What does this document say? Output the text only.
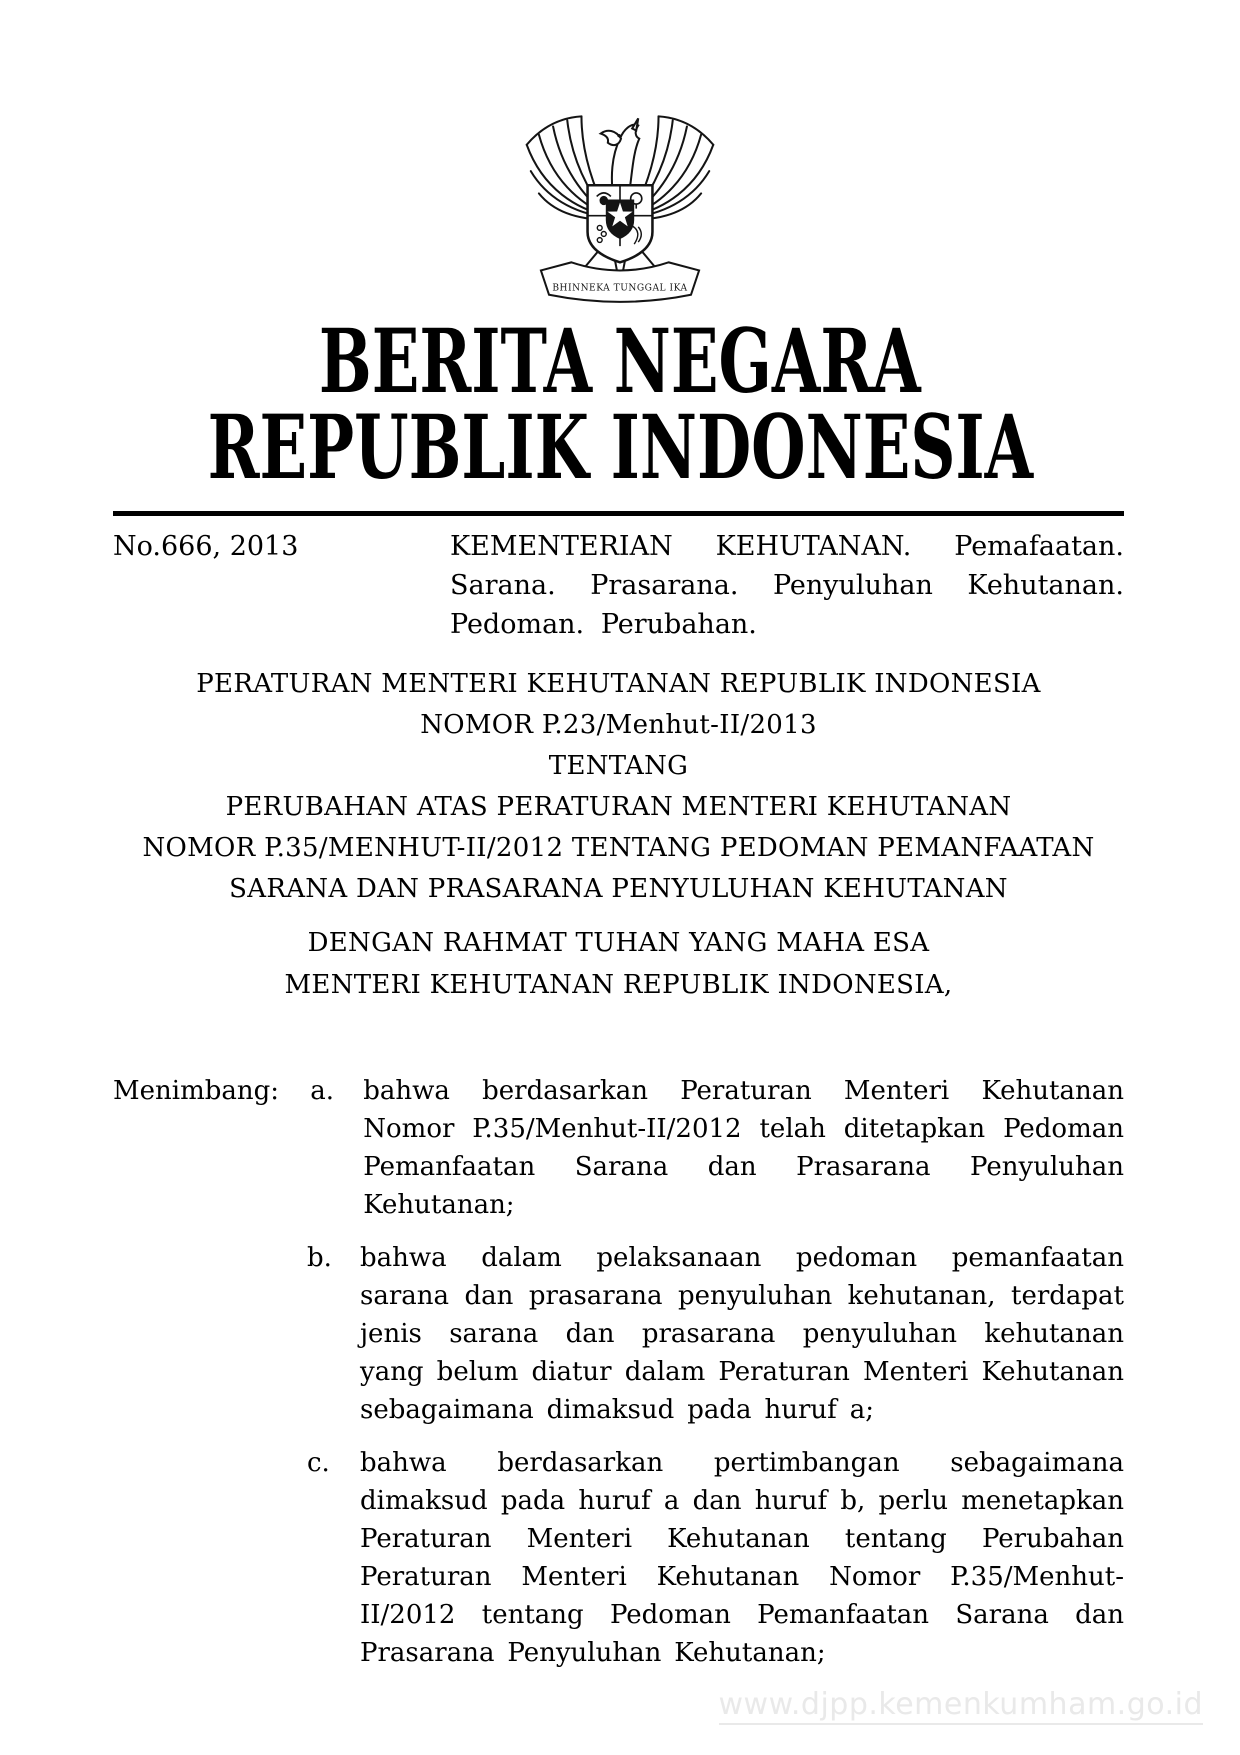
BHINNEKA TUNGGAL IKA
BERITA NEGARA
REPUBLIK INDONESIA
No.666, 2013	KEMENTERIAN KEHUTANAN. Pemafaatan. Sarana. Prasarana. Penyuluhan Kehutanan. Pedoman. Perubahan.
PERATURAN MENTERI KEHUTANAN REPUBLIK INDONESIA
NOMOR P.23/Menhut-II/2013
TENTANG
PERUBAHAN ATAS PERATURAN MENTERI KEHUTANAN
NOMOR P.35/MENHUT-II/2012 TENTANG PEDOMAN PEMANFAATAN
SARANA DAN PRASARANA PENYULUHAN KEHUTANAN
DENGAN RAHMAT TUHAN YANG MAHA ESA
MENTERI KEHUTANAN REPUBLIK INDONESIA,
Menimbang :	a.	bahwa berdasarkan Peraturan Menteri Kehutanan Nomor P.35/Menhut-II/2012 telah ditetapkan Pedoman Pemanfaatan Sarana dan Prasarana Penyuluhan Kehutanan;
b.	bahwa dalam pelaksanaan pedoman pemanfaatan sarana dan prasarana penyuluhan kehutanan, terdapat jenis sarana dan prasarana penyuluhan kehutanan yang belum diatur dalam Peraturan Menteri Kehutanan sebagaimana dimaksud pada huruf a;
c.	bahwa berdasarkan pertimbangan sebagaimana dimaksud pada huruf a dan huruf b, perlu menetapkan Peraturan Menteri Kehutanan tentang Perubahan Peraturan Menteri Kehutanan Nomor P.35/Menhut-II/2012 tentang Pedoman Pemanfaatan Sarana dan Prasarana Penyuluhan Kehutanan;
www.djpp.kemenkumham.go.id
